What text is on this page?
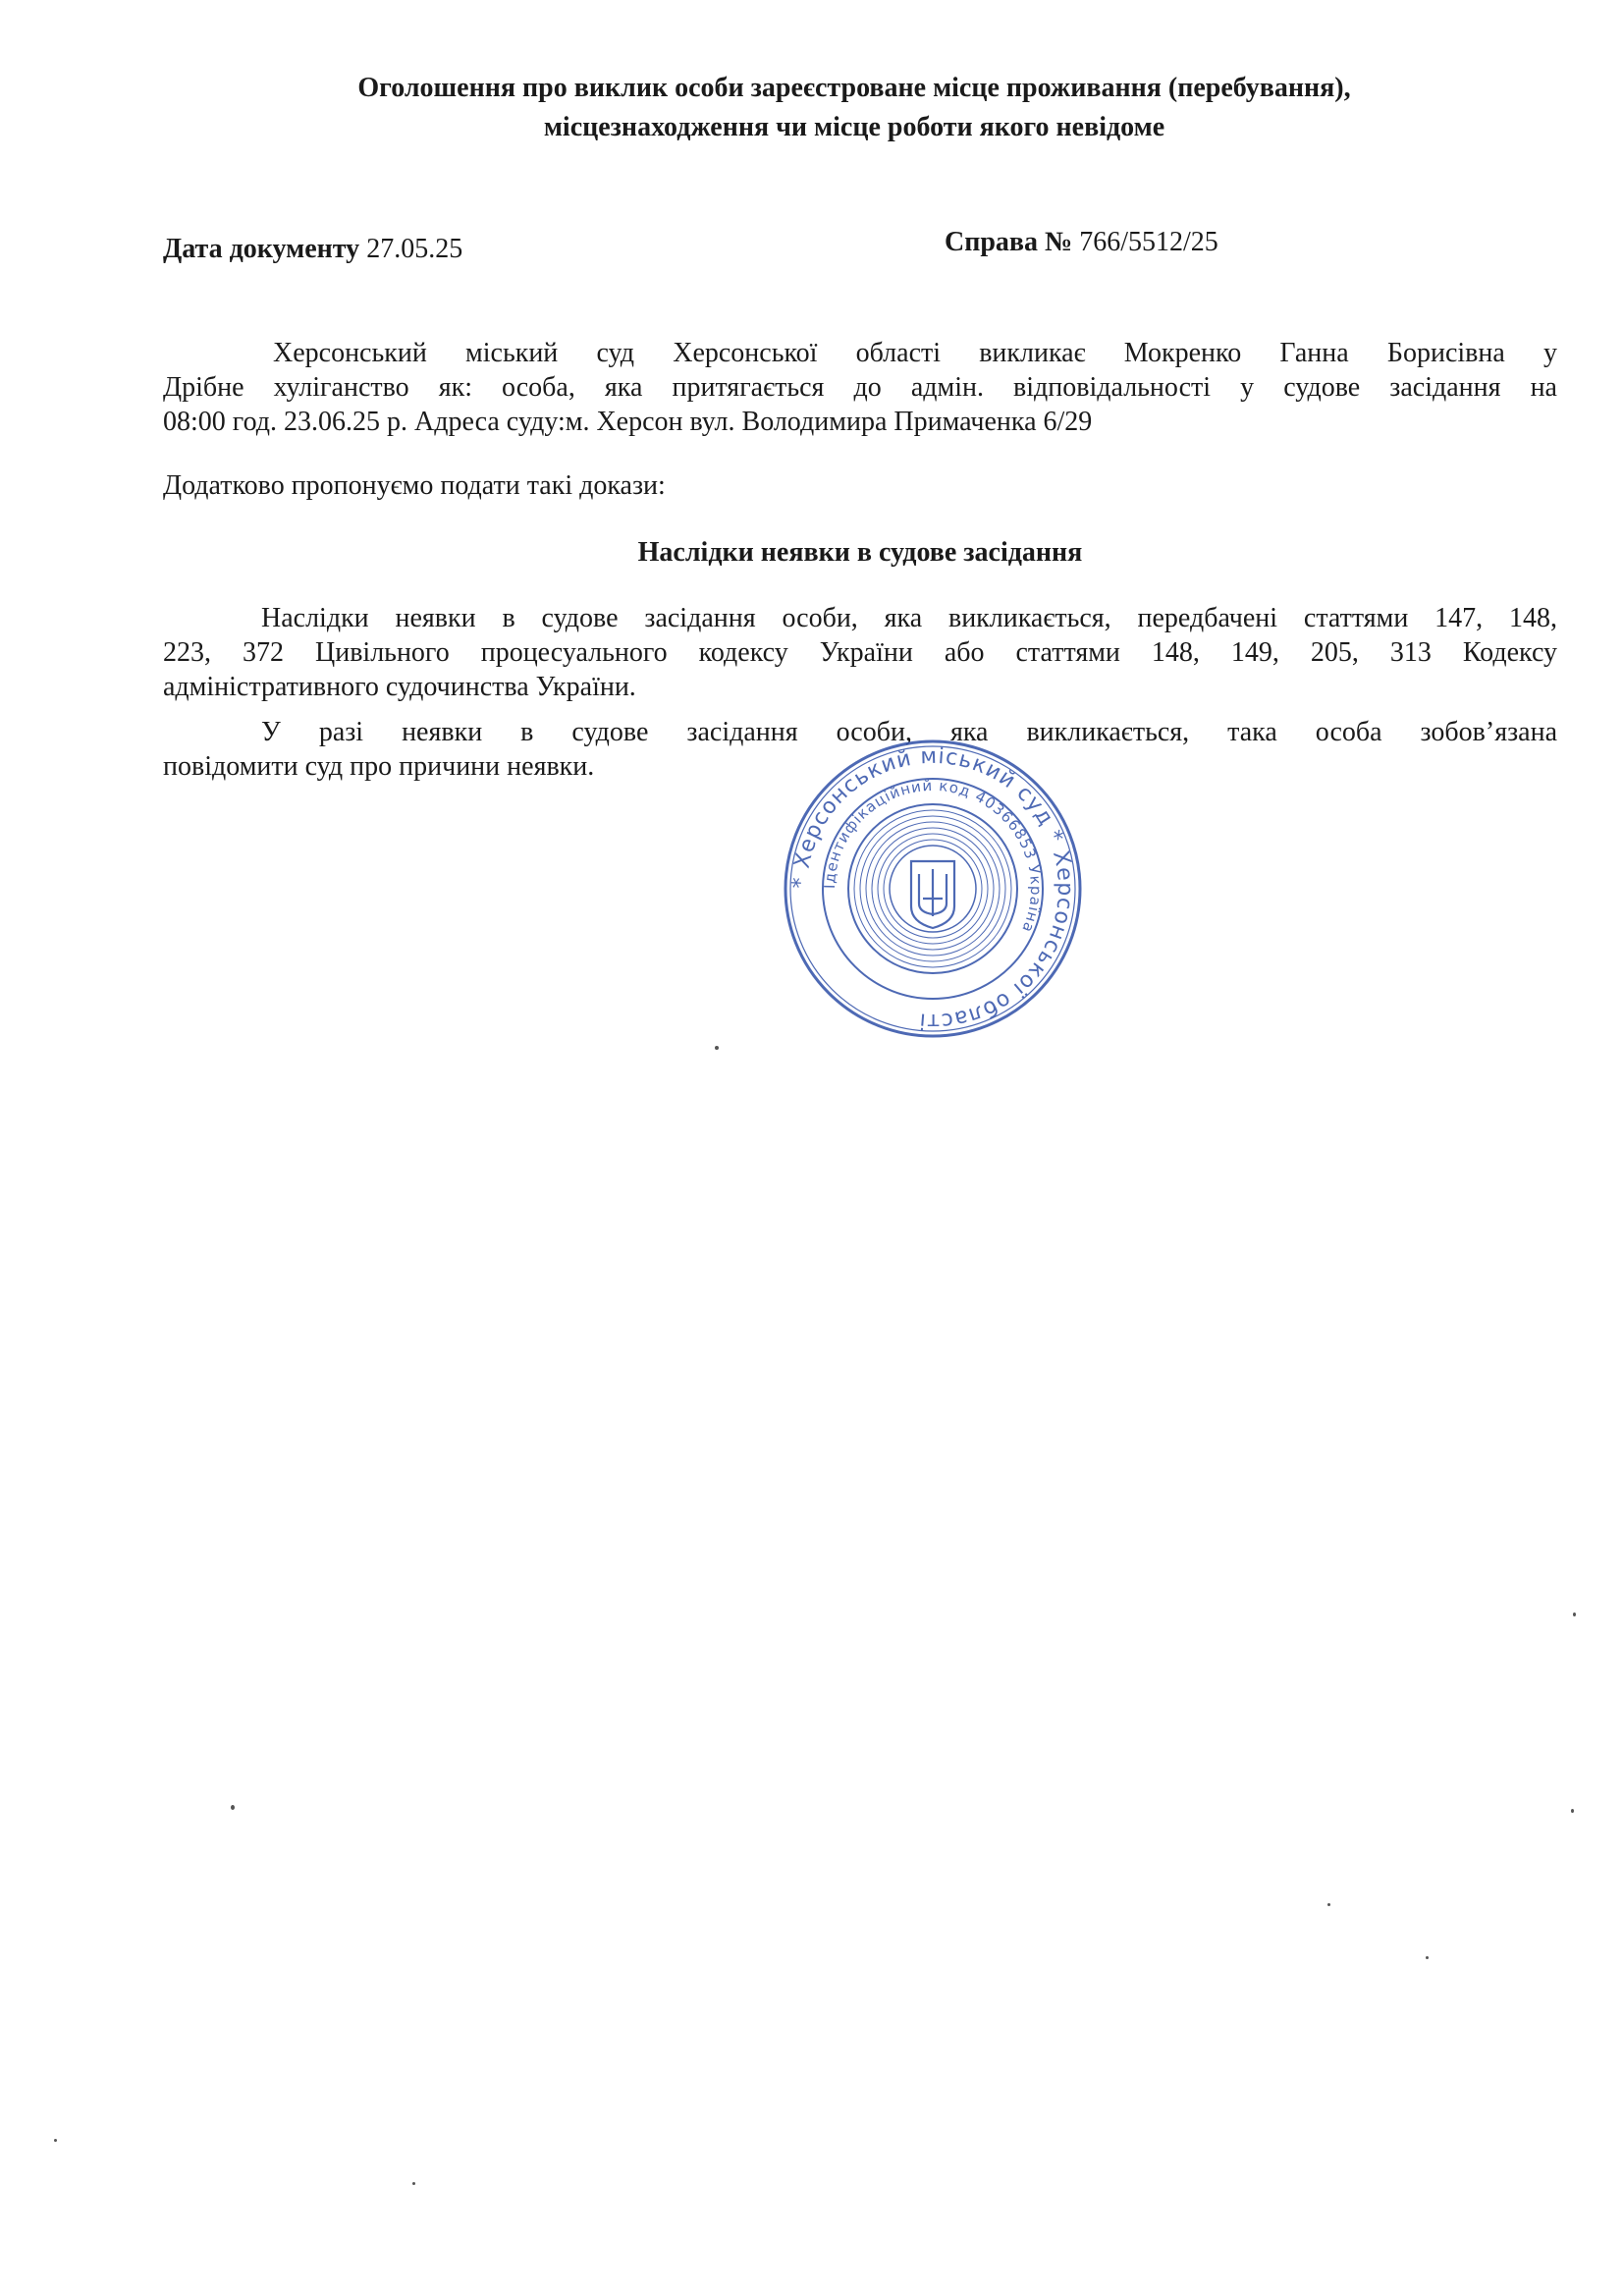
Оголошення про виклик особи зареєстроване місце проживання (перебування),
місцезнаходження чи місце роботи якого невідоме
Дата документу 27.05.25	Справа № 766/5512/25
Херсонський міський суд Херсонської області викликає Мокренко Ганна Борисівна у
Дрібне хуліганство як: особа, яка притягається до адмін. відповідальності у судове засідання на
08:00 год. 23.06.25 р. Адреса суду:м. Херсон вул. Володимира Примаченка 6/29
Додатково пропонуємо подати такі докази:
Наслідки неявки в судове засідання
Наслідки неявки в судове засідання особи, яка викликається, передбачені статтями 147, 148,
223, 372 Цивільного процесуального кодексу України або статтями 148, 149, 205, 313 Кодексу
адміністративного судочинства України.
У разі неявки в судове засідання особи, яка викликається, така особа зобов’язана
повідомити суд про причини неявки.
* Херсонський міський суд * Херсонської області
Ідентифікаційний код 40366853 Україна
